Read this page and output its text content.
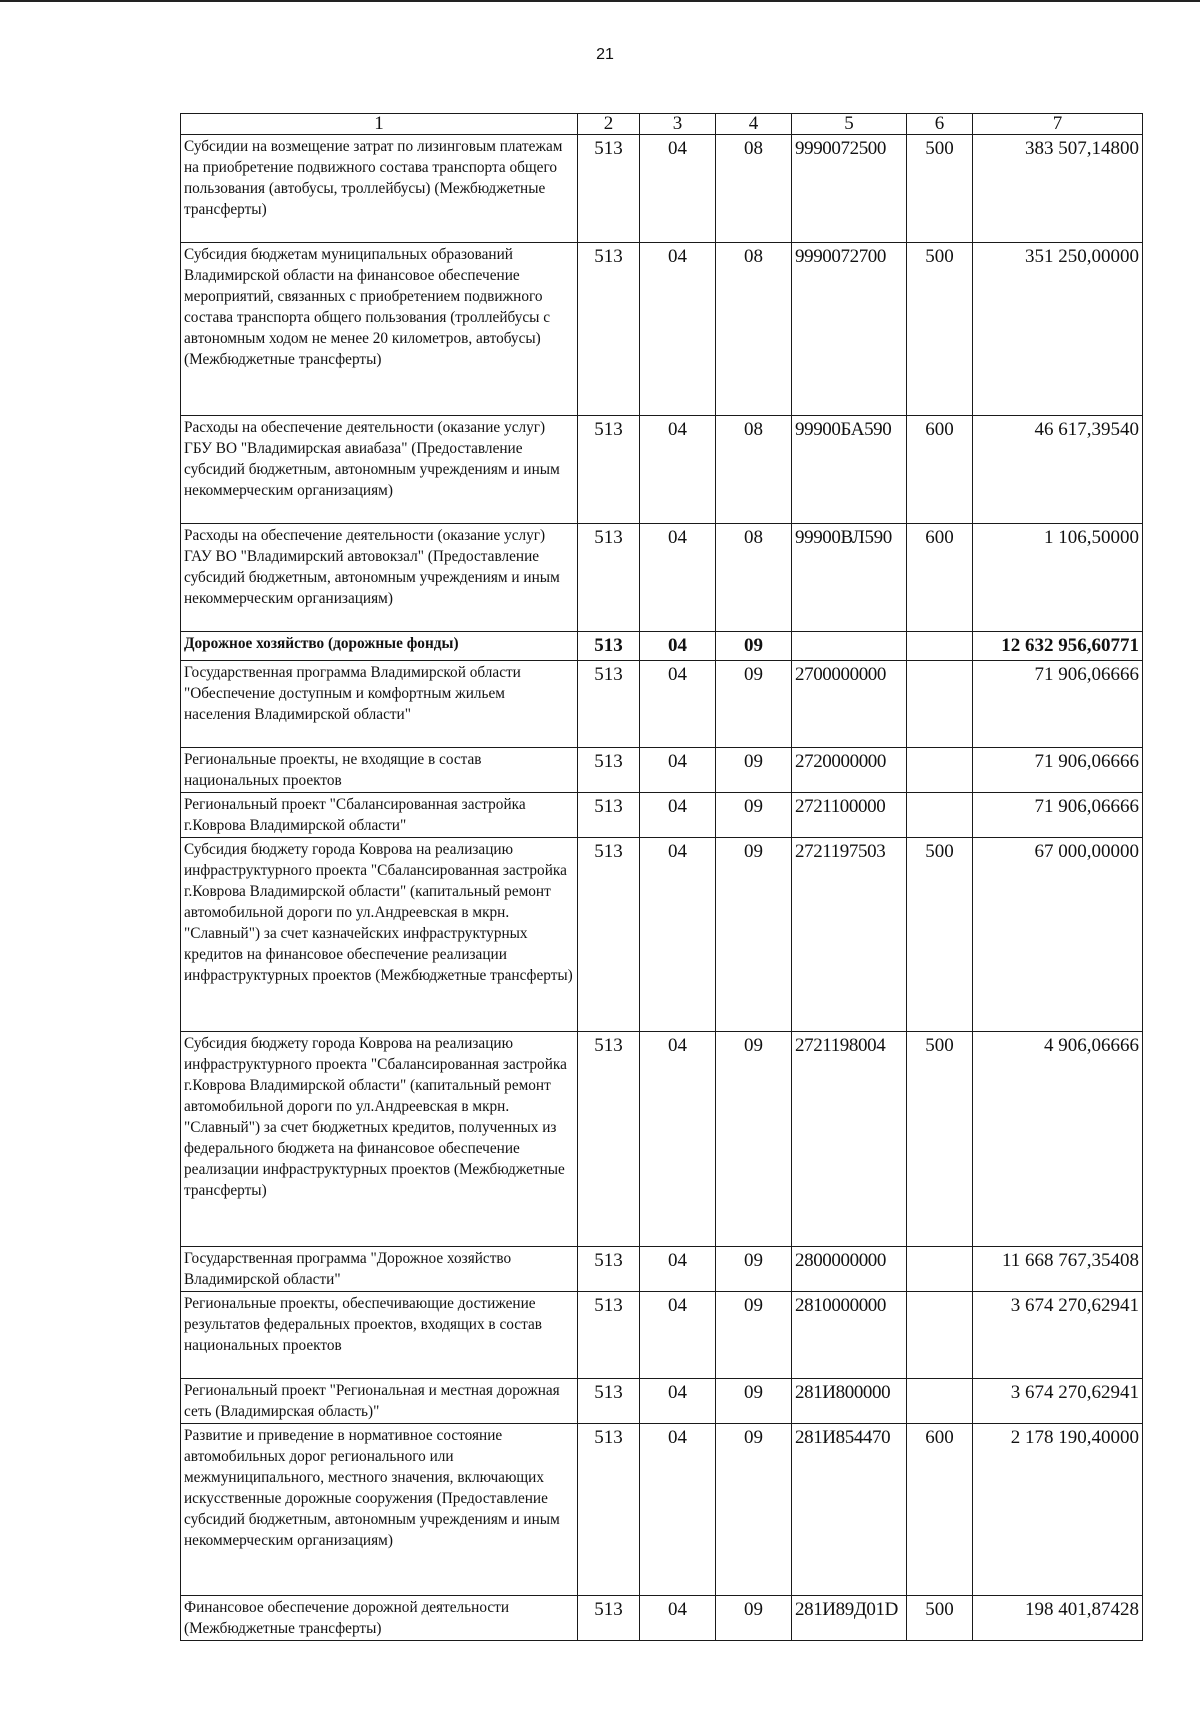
21
1	2	3	4	5	6	7
Субсидии на возмещение затрат по лизинговым платежам на приобретение подвижного состава транспорта общего пользования (автобусы, троллейбусы) (Межбюджетные трансферты)	513	04	08	9990072500	500	383 507,14800
Субсидия бюджетам муниципальных образований Владимирской области на финансовое обеспечение мероприятий, связанных с приобретением подвижного состава транспорта общего пользования (троллейбусы с автономным ходом не менее 20 километров, автобусы) (Межбюджетные трансферты)	513	04	08	9990072700	500	351 250,00000
Расходы на обеспечение деятельности (оказание услуг) ГБУ ВО "Владимирская авиабаза" (Предоставление субсидий бюджетным, автономным учреждениям и иным некоммерческим организациям)	513	04	08	99900БА590	600	46 617,39540
Расходы на обеспечение деятельности (оказание услуг) ГАУ ВО "Владимирский автовокзал" (Предоставление субсидий бюджетным, автономным учреждениям и иным некоммерческим организациям)	513	04	08	99900ВЛ590	600	1 106,50000
Дорожное хозяйство (дорожные фонды)	513	04	09			12 632 956,60771
Государственная программа Владимирской области "Обеспечение доступным и комфортным жильем населения Владимирской области"	513	04	09	2700000000		71 906,06666
Региональные проекты, не входящие в состав национальных проектов	513	04	09	2720000000		71 906,06666
Региональный проект "Сбалансированная застройка г.Коврова Владимирской области"	513	04	09	2721100000		71 906,06666
Субсидия бюджету города Коврова на реализацию инфраструктурного проекта "Сбалансированная застройка г.Коврова Владимирской области" (капитальный ремонт автомобильной дороги по ул.Андреевская в мкрн. "Славный") за счет казначейских инфраструктурных кредитов на финансовое обеспечение реализации инфраструктурных проектов (Межбюджетные трансферты)	513	04	09	2721197503	500	67 000,00000
Субсидия бюджету города Коврова на реализацию инфраструктурного проекта "Сбалансированная застройка г.Коврова Владимирской области" (капитальный ремонт автомобильной дороги по ул.Андреевская в мкрн. "Славный") за счет бюджетных кредитов, полученных из федерального бюджета на финансовое обеспечение реализации инфраструктурных проектов (Межбюджетные трансферты)	513	04	09	2721198004	500	4 906,06666
Государственная программа "Дорожное хозяйство Владимирской области"	513	04	09	2800000000		11 668 767,35408
Региональные проекты, обеспечивающие достижение результатов федеральных проектов, входящих в состав национальных проектов	513	04	09	2810000000		3 674 270,62941
Региональный проект "Региональная и местная дорожная сеть (Владимирская область)"	513	04	09	281И800000		3 674 270,62941
Развитие и приведение в нормативное состояние автомобильных дорог регионального или межмуниципального, местного значения, включающих искусственные дорожные сооружения (Предоставление субсидий бюджетным, автономным учреждениям и иным некоммерческим организациям)	513	04	09	281И854470	600	2 178 190,40000
Финансовое обеспечение дорожной деятельности (Межбюджетные трансферты)	513	04	09	281И89Д01D	500	198 401,87428
